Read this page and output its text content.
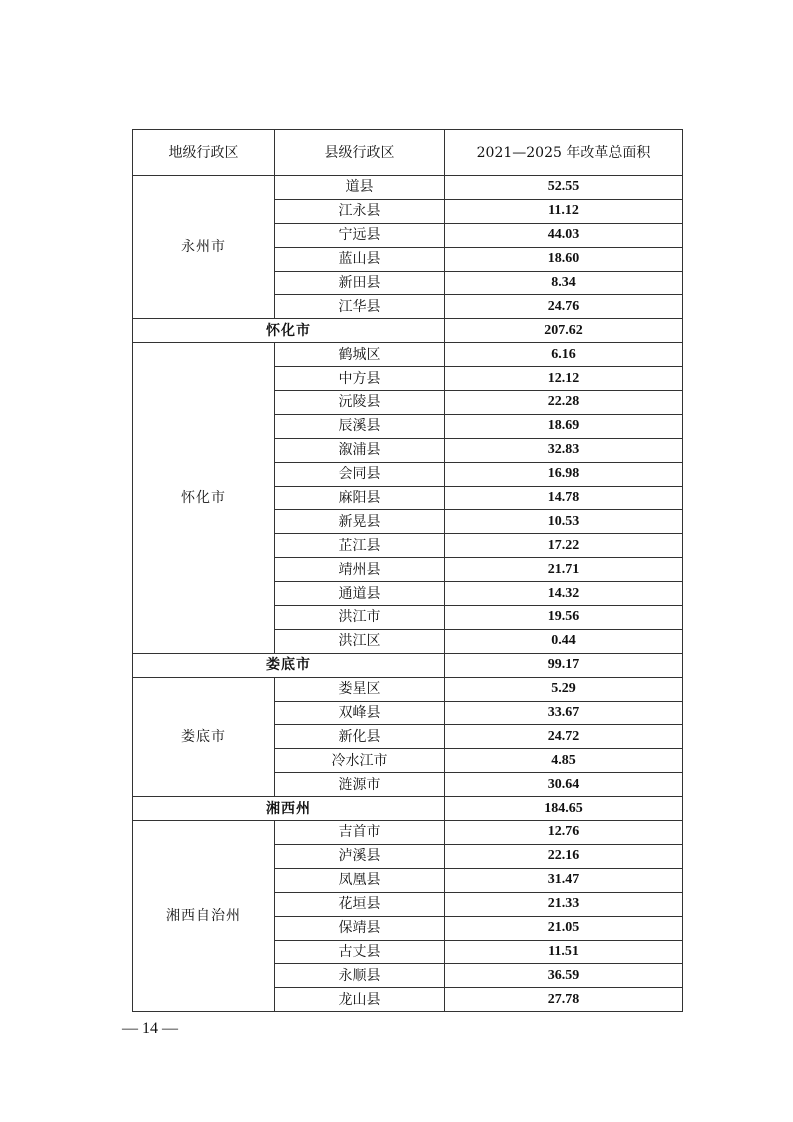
地级行政区	县级行政区	2021—2025 年改革总面积
永州市	道县	52.55
	江永县	11.12
	宁远县	44.03
	蓝山县	18.60
	新田县	8.34
	江华县	24.76
怀化市		207.62
怀化市	鹤城区	6.16
	中方县	12.12
	沅陵县	22.28
	辰溪县	18.69
	溆浦县	32.83
	会同县	16.98
	麻阳县	14.78
	新晃县	10.53
	芷江县	17.22
	靖州县	21.71
	通道县	14.32
	洪江市	19.56
	洪江区	0.44
娄底市		99.17
娄底市	娄星区	5.29
	双峰县	33.67
	新化县	24.72
	冷水江市	4.85
	涟源市	30.64
湘西州		184.65
湘西自治州	吉首市	12.76
	泸溪县	22.16
	凤凰县	31.47
	花垣县	21.33
	保靖县	21.05
	古丈县	11.51
	永顺县	36.59
	龙山县	27.78
— 14 —
